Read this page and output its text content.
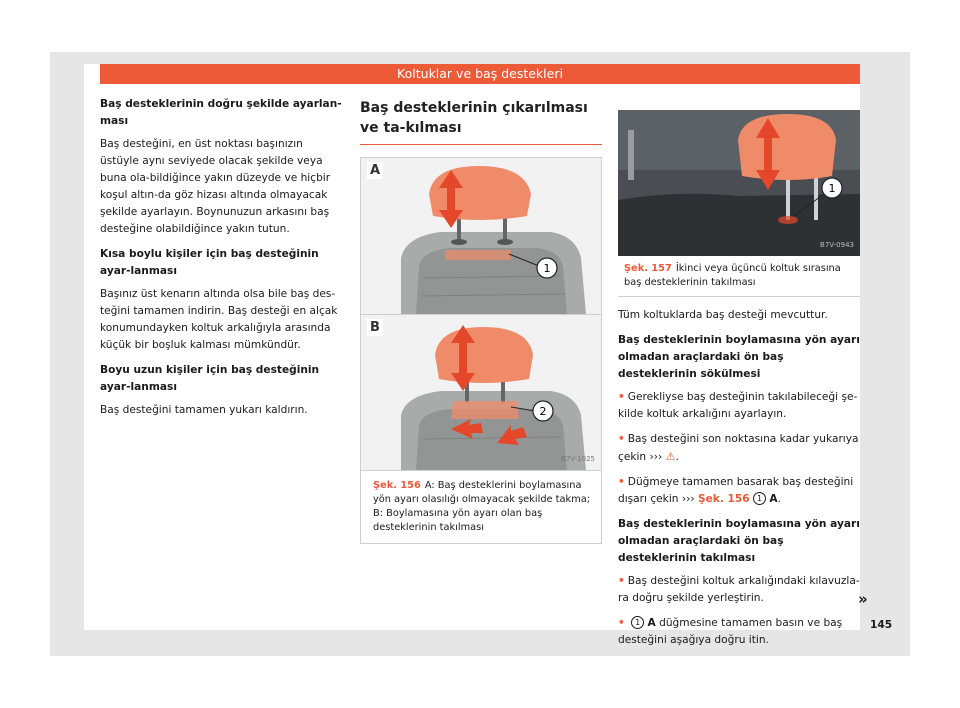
Koltuklar ve baş destekleri
Baş desteklerinin doğru şekilde ayarlan-ması

Baş desteğini, en üst noktası başınızın üstüyle aynı seviyede olacak şekilde veya buna ola-bildiğince yakın düzeyde ve hiçbir koşul altın-da göz hizası altında olmayacak şekilde ayarlayın. Boynunuzun arkasını baş desteğine olabildiğince yakın tutun.

Kısa boylu kişiler için baş desteğinin ayar-lanması

Başınız üst kenarın altında olsa bile baş des-teğini tamamen indirin. Baş desteği en alçak konumundayken koltuk arkalığıyla arasında küçük bir boşluk kalması mümkündür.

Boyu uzun kişiler için baş desteğinin ayar-lanması

Baş desteğini tamamen yukarı kaldırın.

Baş desteklerinin çıkarılması ve ta-kılması
1
A
2
B
B7V-1025
Şek. 156 A: Baş desteklerini boylamasına yön ayarı olasılığı olmayacak şekilde takma; B: Boylamasına yön ayarı olan baş desteklerinin takılması
1
B7V-0943
Şek. 157 İkinci veya üçüncü koltuk sırasına baş desteklerinin takılması

Tüm koltuklarda baş desteği mevcuttur.

Baş desteklerinin boylamasına yön ayarı olmadan araçlardaki ön baş desteklerinin sökülmesi

• Gerekliyse baş desteğinin takılabileceği şe-kilde koltuk arkalığını ayarlayın.

• Baş desteğini son noktasına kadar yukarıya çekin ››› ⚠.

• Düğmeye tamamen basarak baş desteğini dışarı çekin ››› Şek. 156 1 A.

Baş desteklerinin boylamasına yön ayarı olmadan araçlardaki ön baş desteklerinin takılması

• Baş desteğini koltuk arkalığındaki kılavuzla-ra doğru şekilde yerleştirin.

• 1 A düğmesine tamamen basın ve baş desteğini aşağıya doğru itin.

»
145
